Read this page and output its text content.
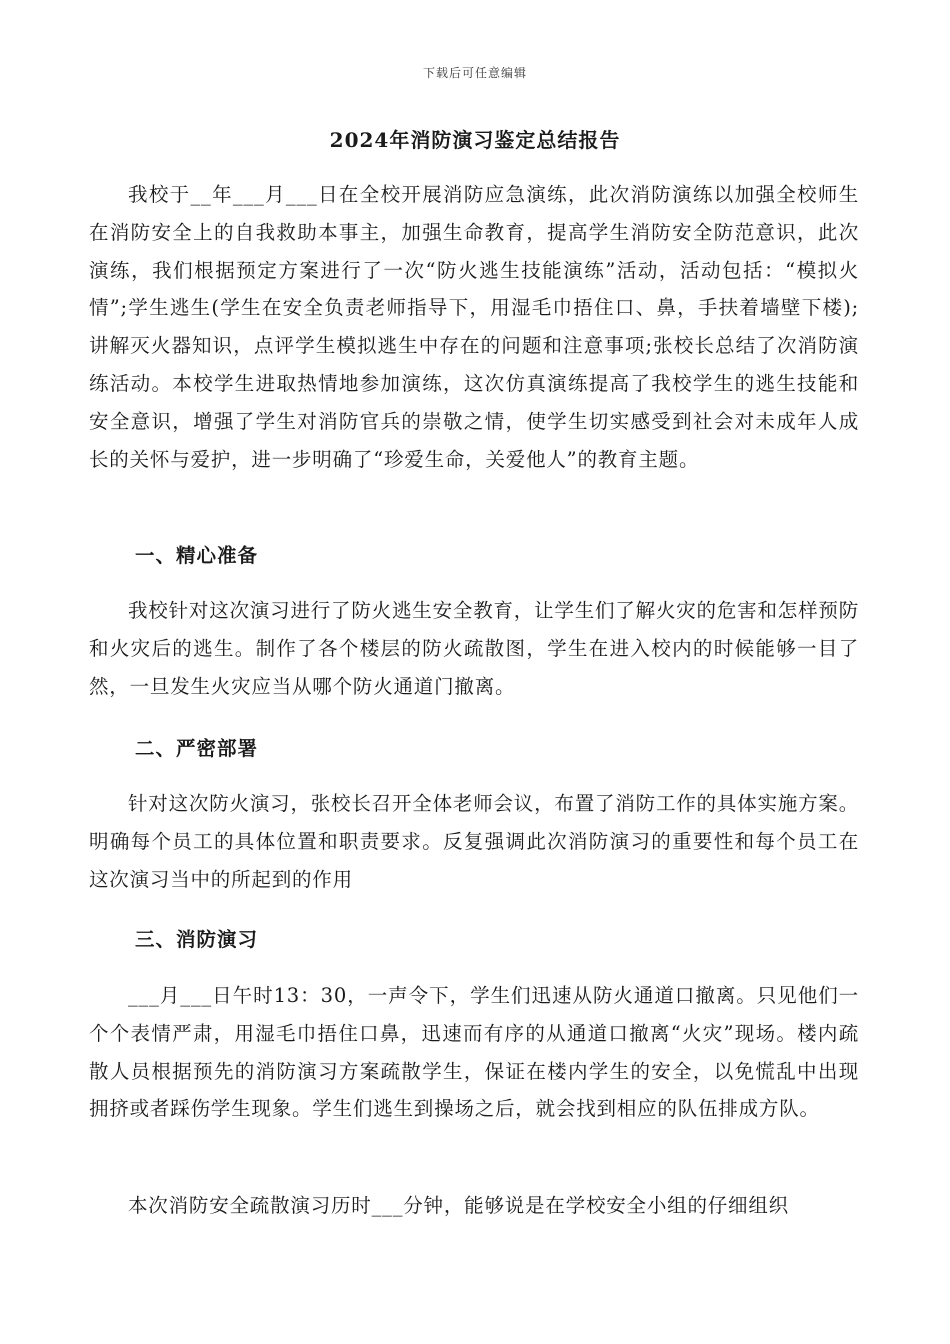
下载后可任意编辑
2024年消防演习鉴定总结报告

我校于__年___月___日在全校开展消防应急演练，此次消防演练以加强全校师生在消防安全上的自我救助本事主，加强生命教育，提高学生消防安全防范意识，此次演练，我们根据预定方案进行了一次“防火逃生技能演练”活动，活动包括：“模拟火情”;学生逃生(学生在安全负责老师指导下，用湿毛巾捂住口、鼻，手扶着墙壁下楼);讲解灭火器知识，点评学生模拟逃生中存在的问题和注意事项;张校长总结了次消防演练活动。本校学生进取热情地参加演练，这次仿真演练提高了我校学生的逃生技能和安全意识，增强了学生对消防官兵的崇敬之情，使学生切实感受到社会对未成年人成长的关怀与爱护，进一步明确了“珍爱生命，关爱他人”的教育主题。

一、精心准备

我校针对这次演习进行了防火逃生安全教育，让学生们了解火灾的危害和怎样预防和火灾后的逃生。制作了各个楼层的防火疏散图，学生在进入校内的时候能够一目了然，一旦发生火灾应当从哪个防火通道门撤离。

二、严密部署

针对这次防火演习，张校长召开全体老师会议，布置了消防工作的具体实施方案。明确每个员工的具体位置和职责要求。反复强调此次消防演习的重要性和每个员工在这次演习当中的所起到的作用

三、消防演习

___月___日午时13：30，一声令下，学生们迅速从防火通道口撤离。只见他们一个个表情严肃，用湿毛巾捂住口鼻，迅速而有序的从通道口撤离“火灾”现场。楼内疏散人员根据预先的消防演习方案疏散学生，保证在楼内学生的安全，以免慌乱中出现拥挤或者踩伤学生现象。学生们逃生到操场之后，就会找到相应的队伍排成方队。

本次消防安全疏散演习历时___分钟，能够说是在学校安全小组的仔细组织
